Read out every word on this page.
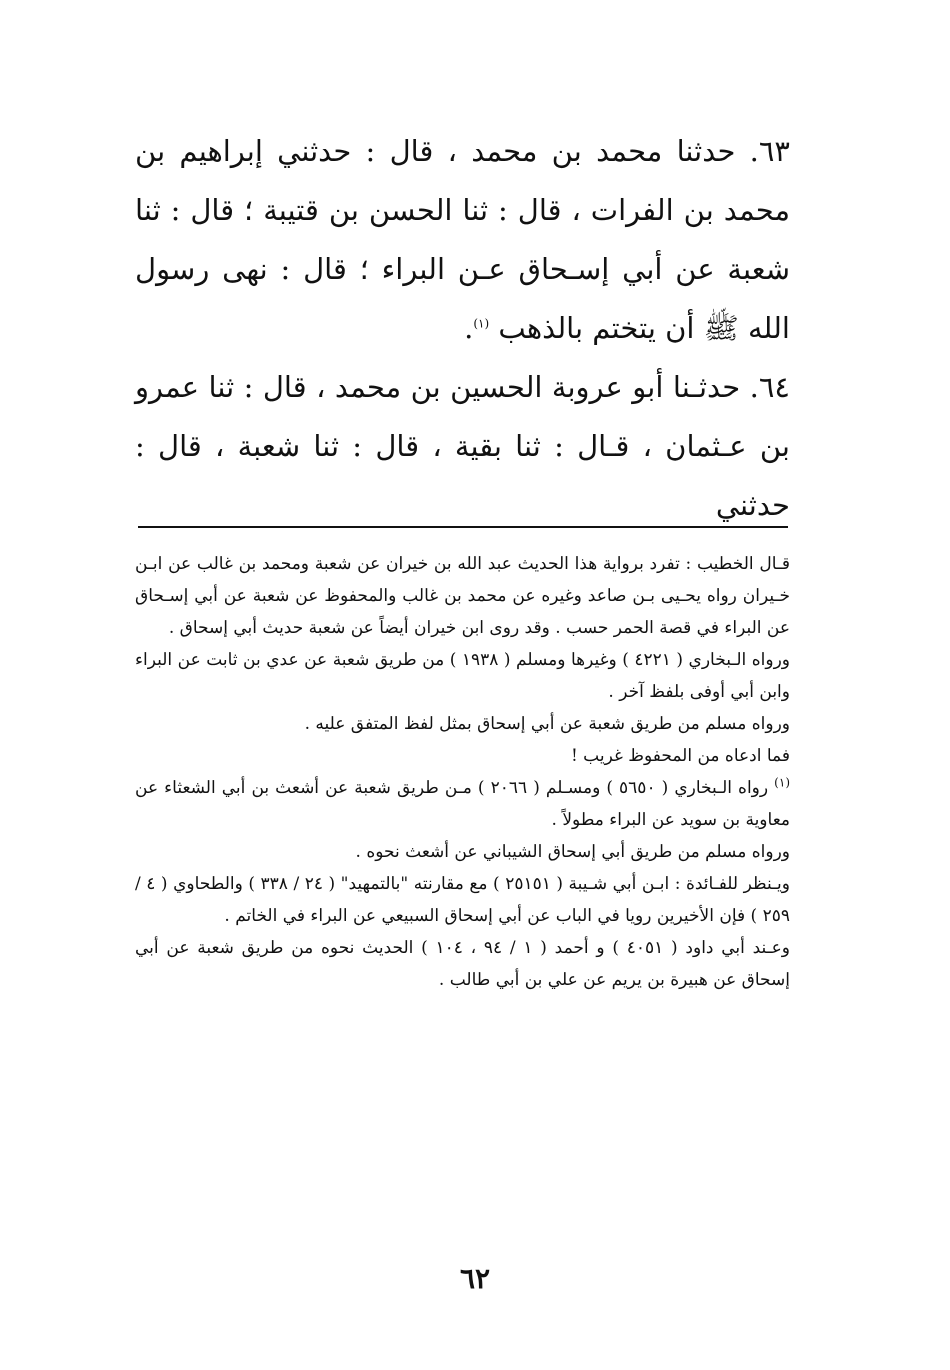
٦٣. حدثنا محمد بن محمد ، قال : حدثني إبراهيم بن محمد بن الفرات ، قال : ثنا الحسن بن قتيبة ؛ قال : ثنا شعبة عن أبي إسـحاق عـن البراء ؛ قال : نهى رسول الله ﷺ أن يتختم بالذهب $^{(١)}$.

٦٤. حدثـنا أبو عروبة الحسين بن محمد ، قال : ثنا عمرو بن عـثمان ، قـال : ثنا بقية ، قال : ثنا شعبة ، قال : حدثني

قـال الخطيب : تفرد برواية هذا الحديث عبد الله بن خيران عن شعبة ومحمد بن غالب عن ابـن خـيران رواه يحـيى بـن صاعد وغيره عن محمد بن غالب والمحفوظ عن شعبة عن أبي إسـحاق عن البراء في قصة الحمر حسب . وقد روى ابن خيران أيضاً عن شعبة حديث أبي إسحاق .

ورواه الـبخاري ( ٤٢٢١ ) وغيرها ومسلم ( ١٩٣٨ ) من طريق شعبة عن عدي بن ثابت عن البراء وابن أبي أوفى بلفظ آخر .

ورواه مسلم من طريق شعبة عن أبي إسحاق بمثل لفظ المتفق عليه .

فما ادعاه من المحفوظ غريب !

$^{(١)}$ رواه الـبخاري ( ٥٦٥٠ ) ومسـلم ( ٢٠٦٦ ) مـن طريق شعبة عن أشعث بن أبي الشعثاء عن معاوية بن سويد عن البراء مطولاً .

ورواه مسلم من طريق أبي إسحاق الشيباني عن أشعث نحوه .

ويـنظر للفـائدة : ابـن أبي شـيبة ( ٢٥١٥١ ) مع مقارنته "بالتمهيد" ( ٢٤ / ٣٣٨ ) والطحاوي ( ٤ / ٢٥٩ ) فإن الأخيرين رويا في الباب عن أبي إسحاق السبيعي عن البراء في الخاتم .

وعـند أبي داود ( ٤٠٥١ ) و أحمد ( ١ / ٩٤ ، ١٠٤ ) الحديث نحوه من طريق شعبة عن أبي إسحاق عن هبيرة بن يريم عن علي بن أبي طالب .

٦٢
